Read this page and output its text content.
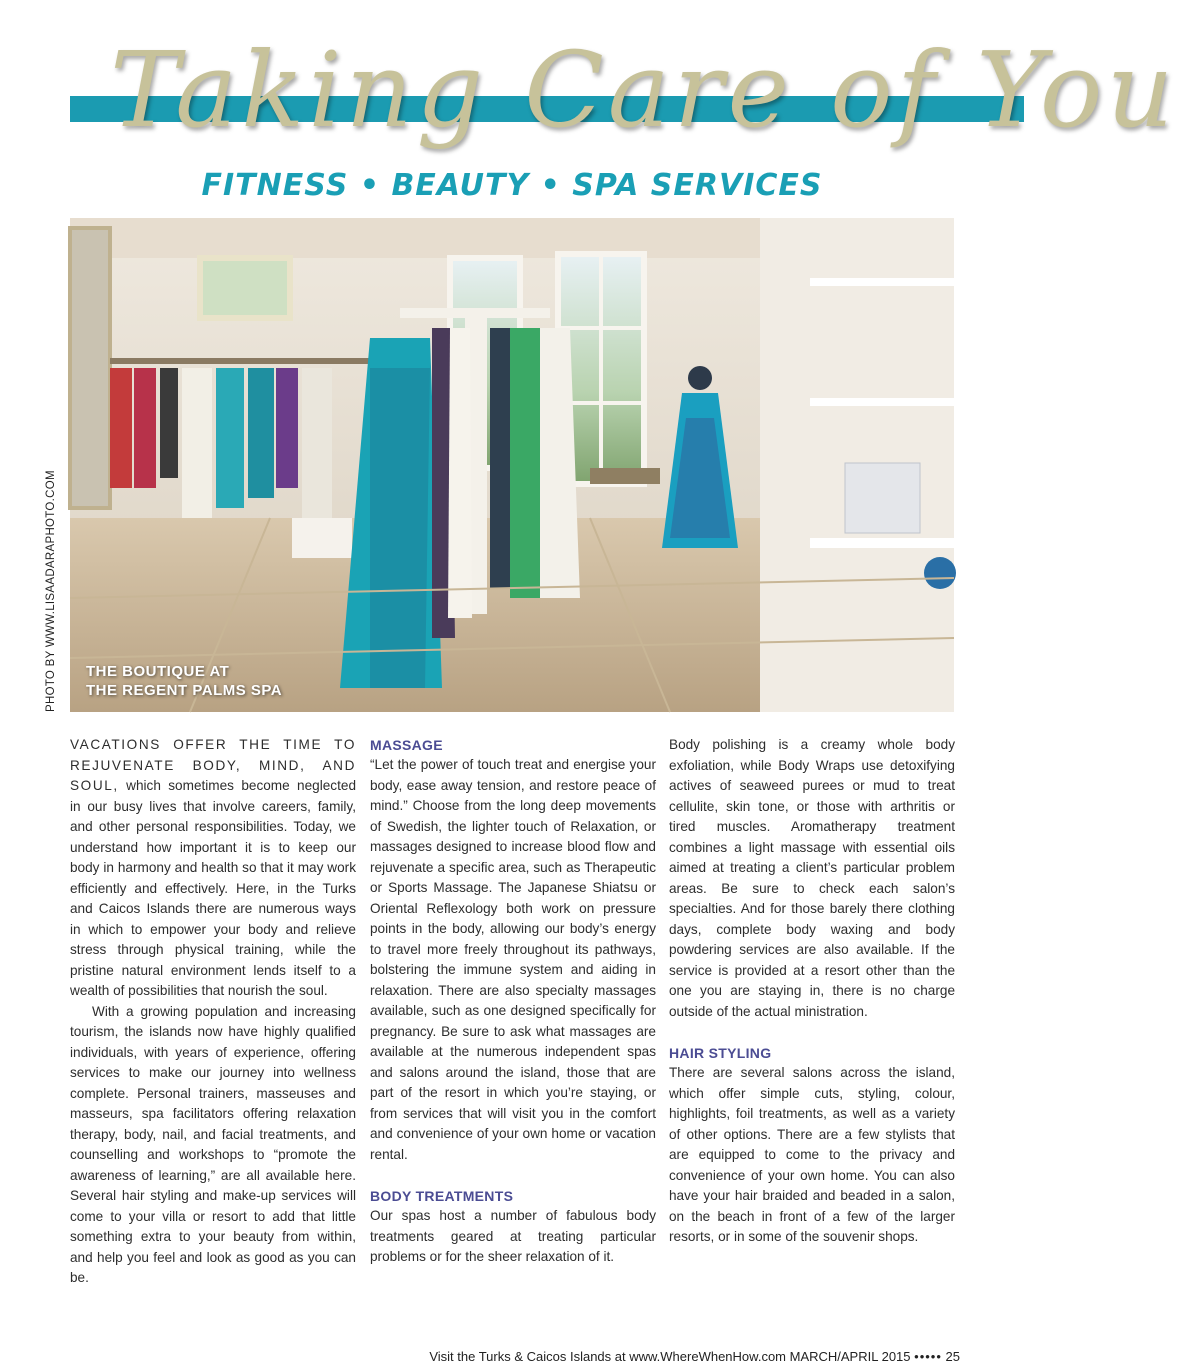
Taking Care of You
FITNESS • BEAUTY • SPA SERVICES
THE BOUTIQUE AT
THE REGENT PALMS SPA
PHOTO BY WWW.LISAADARAPHOTO.COM

VACATIONS OFFER THE TIME TO REJUVENATE BODY, MIND, AND SOUL, which sometimes become neglected in our busy lives that involve careers, family, and other personal responsibilities. Today, we understand how important it is to keep our body in harmony and health so that it may work efficiently and effectively. Here, in the Turks and Caicos Islands there are numerous ways in which to empower your body and relieve stress through physical training, while the pristine natural environment lends itself to a wealth of possibilities that nourish the soul.

With a growing population and increasing tourism, the islands now have highly qualified individuals, with years of experience, offering services to make our journey into wellness complete. Personal trainers, masseuses and masseurs, spa facilitators offering relaxation therapy, body, nail, and facial treatments, and counselling and workshops to “promote the awareness of learning,” are all available here. Several hair styling and make-up services will come to your villa or resort to add that little something extra to your beauty from within, and help you feel and look as good as you can be.

MASSAGE

“Let the power of touch treat and energise your body, ease away tension, and restore peace of mind.” Choose from the long deep movements of Swedish, the lighter touch of Relaxation, or massages designed to increase blood flow and rejuvenate a specific area, such as Therapeutic or Sports Massage. The Japanese Shiatsu or Oriental Reflexology both work on pressure points in the body, allowing our body’s energy to travel more freely throughout its pathways, bolstering the immune system and aiding in relaxation. There are also specialty massages available, such as one designed specifically for pregnancy. Be sure to ask what massages are available at the numerous independent spas and salons around the island, those that are part of the resort in which you’re staying, or from services that will visit you in the comfort and convenience of your own home or vacation rental.

BODY TREATMENTS

Our spas host a number of fabulous body treatments geared at treating particular problems or for the sheer relaxation of it.

Body polishing is a creamy whole body exfoliation, while Body Wraps use detoxifying actives of seaweed purees or mud to treat cellulite, skin tone, or those with arthritis or tired muscles. Aromatherapy treatment combines a light massage with essential oils aimed at treating a client’s particular problem areas. Be sure to check each salon’s specialties. And for those barely there clothing days, complete body waxing and body powdering services are also available. If the service is provided at a resort other than the one you are staying in, there is no charge outside of the actual ministration.

HAIR STYLING

There are several salons across the island, which offer simple cuts, styling, colour, highlights, foil treatments, as well as a variety of other options. There are a few stylists that are equipped to come to the privacy and convenience of your own home. You can also have your hair braided and beaded in a salon, on the beach in front of a few of the larger resorts, or in some of the souvenir shops.

Visit the Turks & Caicos Islands at www.WhereWhenHow.com MARCH/APRIL 2015 ••••• 25
